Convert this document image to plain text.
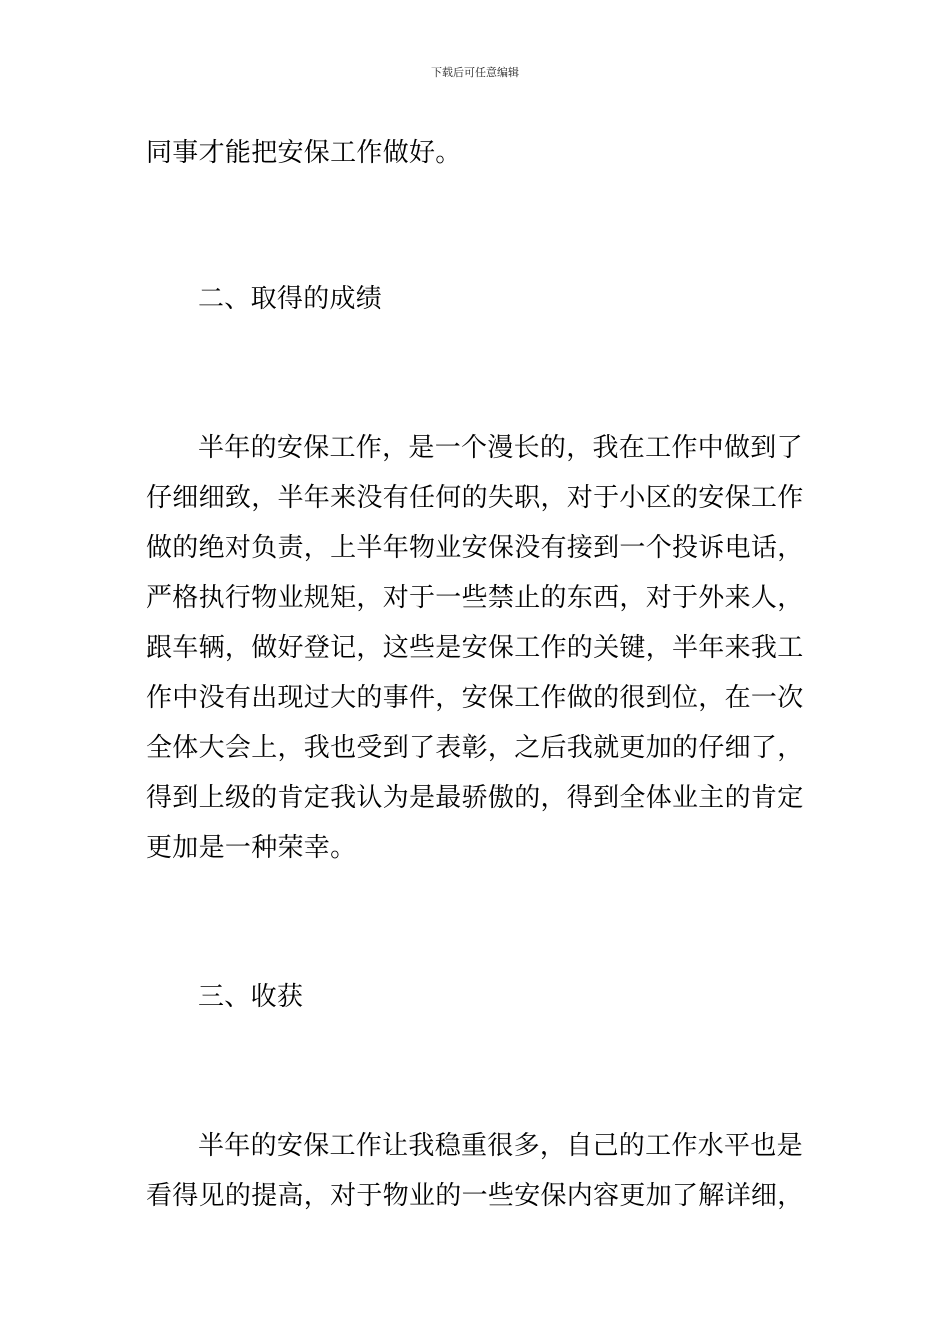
下载后可任意编辑

同事才能把安保工作做好。

二、取得的成绩

半年的安保工作，是一个漫长的，我在工作中做到了
仔细细致，半年来没有任何的失职，对于小区的安保工作
做的绝对负责，上半年物业安保没有接到一个投诉电话，
严格执行物业规矩，对于一些禁止的东西，对于外来人，
跟车辆，做好登记，这些是安保工作的关键，半年来我工
作中没有出现过大的事件，安保工作做的很到位，在一次
全体大会上，我也受到了表彰，之后我就更加的仔细了，
得到上级的肯定我认为是最骄傲的，得到全体业主的肯定
更加是一种荣幸。

三、收获

半年的安保工作让我稳重很多，自己的工作水平也是
看得见的提高，对于物业的一些安保内容更加了解详细，
